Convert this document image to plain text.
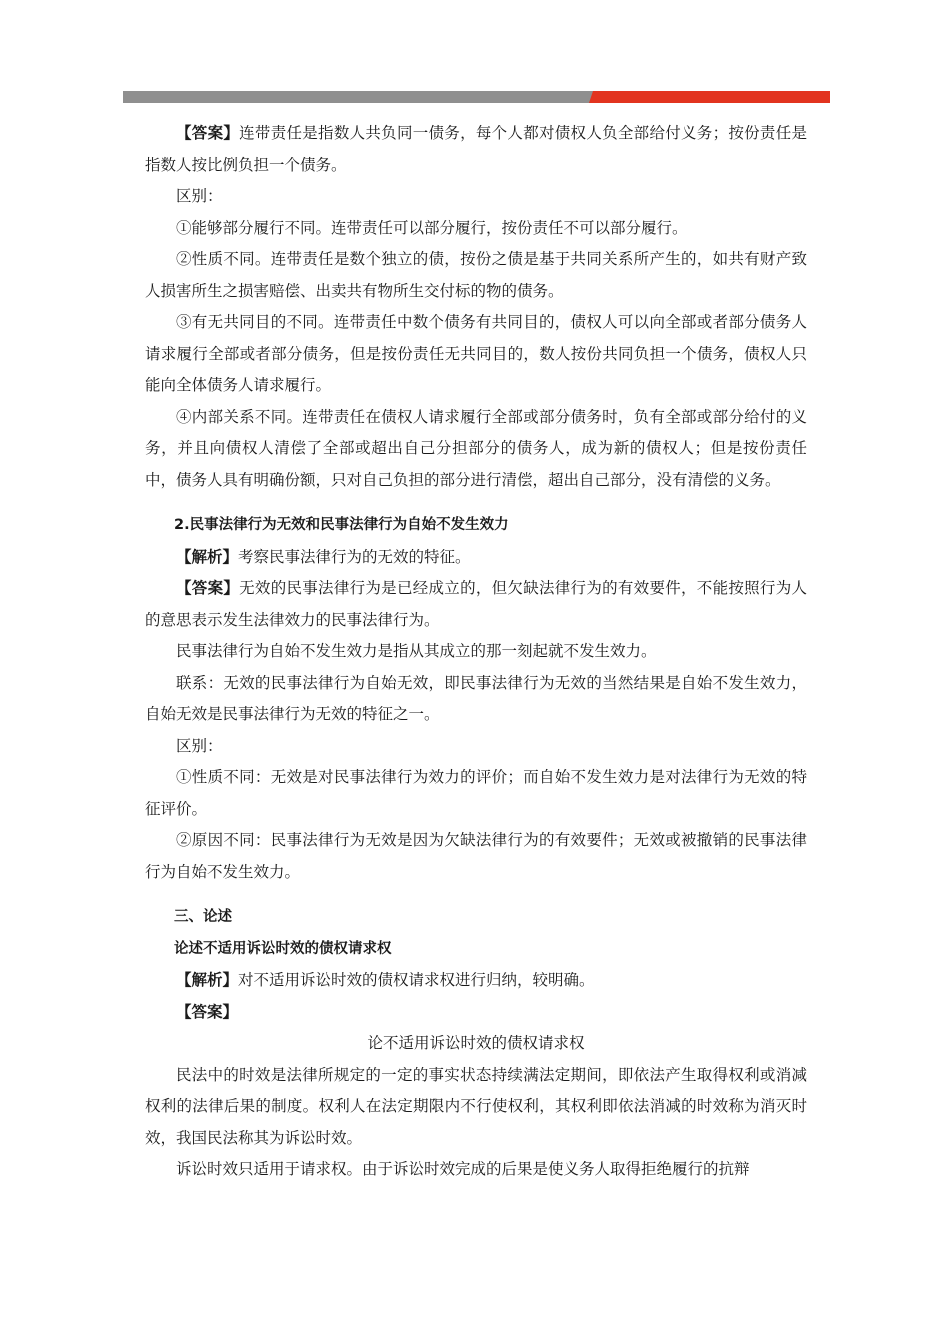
【答案】连带责任是指数人共负同一债务，每个人都对债权人负全部给付义务；按份责任是指数人按比例负担一个债务。

区别：

①能够部分履行不同。连带责任可以部分履行，按份责任不可以部分履行。

②性质不同。连带责任是数个独立的债，按份之债是基于共同关系所产生的，如共有财产致人损害所生之损害赔偿、出卖共有物所生交付标的物的债务。

③有无共同目的不同。连带责任中数个债务有共同目的，债权人可以向全部或者部分债务人请求履行全部或者部分债务，但是按份责任无共同目的，数人按份共同负担一个债务，债权人只能向全体债务人请求履行。

④内部关系不同。连带责任在债权人请求履行全部或部分债务时，负有全部或部分给付的义务，并且向债权人清偿了全部或超出自己分担部分的债务人，成为新的债权人；但是按份责任中，债务人具有明确份额，只对自己负担的部分进行清偿，超出自己部分，没有清偿的义务。

2.民事法律行为无效和民事法律行为自始不发生效力

【解析】考察民事法律行为的无效的特征。

【答案】无效的民事法律行为是已经成立的，但欠缺法律行为的有效要件，不能按照行为人的意思表示发生法律效力的民事法律行为。

民事法律行为自始不发生效力是指从其成立的那一刻起就不发生效力。

联系：无效的民事法律行为自始无效，即民事法律行为无效的当然结果是自始不发生效力，自始无效是民事法律行为无效的特征之一。

区别：

①性质不同：无效是对民事法律行为效力的评价；而自始不发生效力是对法律行为无效的特征评价。

②原因不同：民事法律行为无效是因为欠缺法律行为的有效要件；无效或被撤销的民事法律行为自始不发生效力。

三、论述

论述不适用诉讼时效的债权请求权

【解析】对不适用诉讼时效的债权请求权进行归纳，较明确。

【答案】

论不适用诉讼时效的债权请求权

民法中的时效是法律所规定的一定的事实状态持续满法定期间，即依法产生取得权利或消减权利的法律后果的制度。权利人在法定期限内不行使权利，其权利即依法消减的时效称为消灭时效，我国民法称其为诉讼时效。

诉讼时效只适用于请求权。由于诉讼时效完成的后果是使义务人取得拒绝履行的抗辩
